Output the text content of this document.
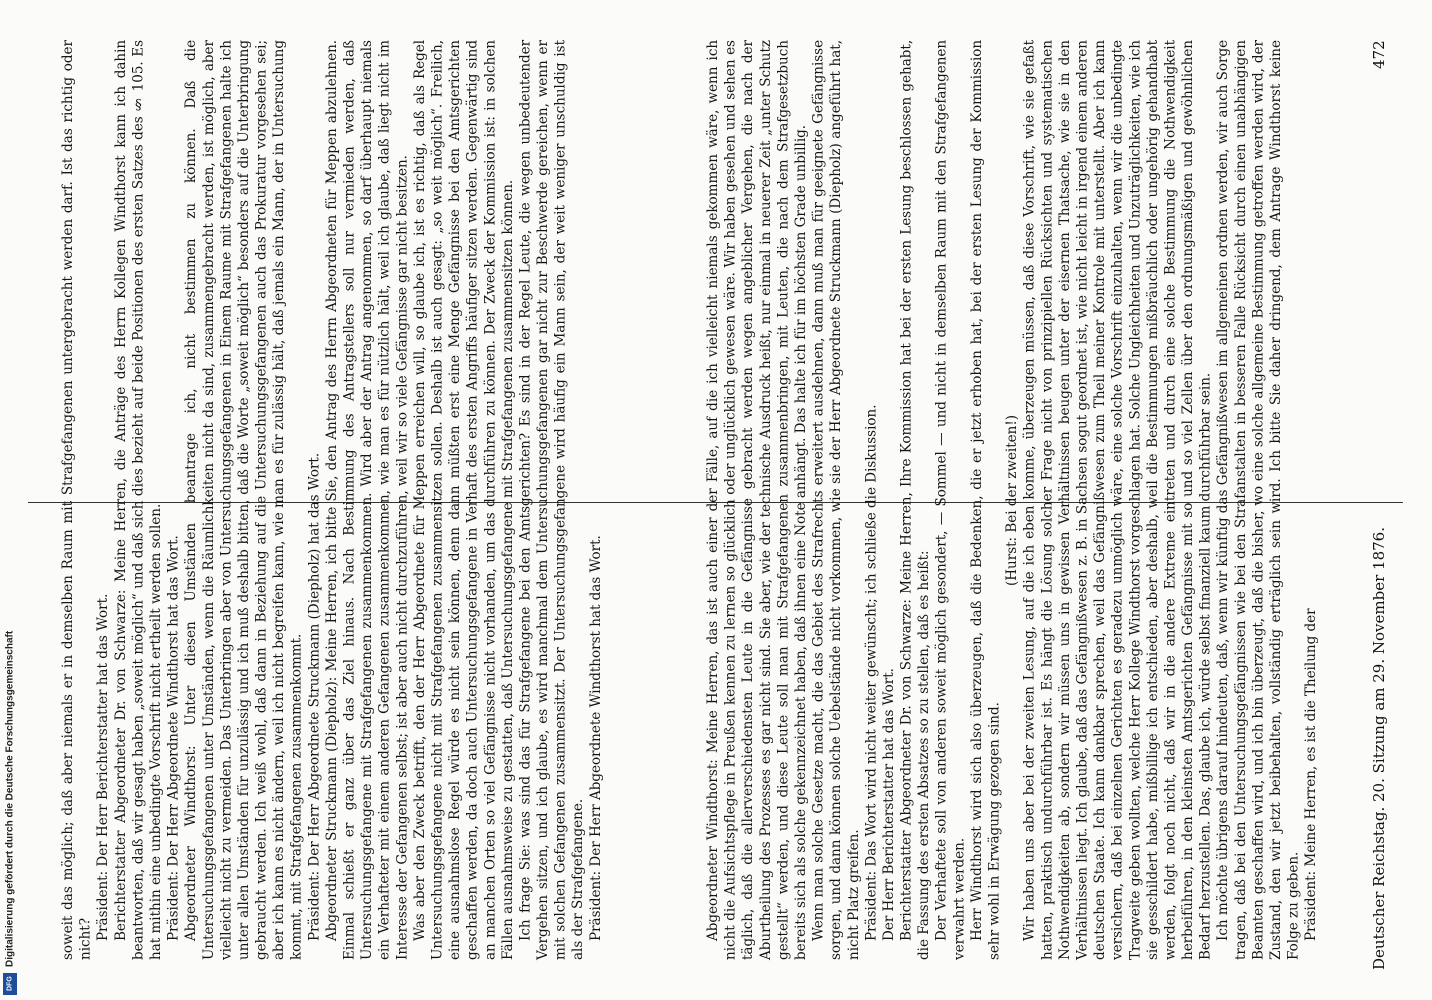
472
Deutscher Reichstag. 20. Sitzung am 29. November 1876.

Abgeordneter Windthorst: Meine Herren, das ist auch einer der Fälle, auf die ich vielleicht niemals gekommen wäre, wenn ich nicht die Aufsichtspflege in Preußen kennen zu lernen so glücklich oder unglücklich gewesen wäre. Wir haben gesehen und sehen es täglich, daß die allerverschiedensten Leute in die Gefängnisse gebracht werden wegen angeblicher Vergehen, die nach der Aburtheilung des Prozesses es gar nicht sind. Sie aber, wie der technische Ausdruck heißt, nur einmal in neuerer Zeit „unter Schutz gestellt“ werden, und diese Leute soll man mit Strafgefangenen zusammenbringen, mit Leuten, die nach dem Strafgesetzbuch bereits sich als solche gekennzeichnet haben, daß ihnen eine Note anhängt. Das halte ich für im höchsten Grade unbillig. Wenn man solche Gesetze macht, die das Gebiet des Strafrechts erweitert ausdehnen, dann muß man für geeignete Gefängnisse sorgen, und dann können solche Uebelstände nicht vorkommen, wie sie der Herr Abgeordnete Struckmann (Diepholz) angeführt hat, nicht Platz greifen. Präsident: Das Wort wird nicht weiter gewünscht; ich schließe die Diskussion. Der Herr Berichterstatter hat das Wort. Berichterstatter Abgeordneter Dr. von Schwarze: Meine Herren, Ihre Kommission hat bei der ersten Lesung beschlossen gehabt, die Fassung des ersten Absatzes so zu stellen, daß es heißt: Der Verhaftete soll von anderen soweit möglich gesondert, — Sommel — und nicht in demselben Raum mit den Strafgefangenen verwahrt werden. Herr Windthorst wird sich also überzeugen, daß die Bedenken, die er jetzt erhoben hat, bei der ersten Lesung der Kommission sehr wohl in Erwägung gezogen sind.

(Hurst: Bei der zweiten!) Wir haben uns aber bei der zweiten Lesung, auf die ich eben komme, überzeugen müssen, daß diese Vorschrift, wie sie gefaßt hatten, praktisch undurchführbar ist. Es hängt die Lösung solcher Frage nicht von prinzipiellen Rücksichten und systematischen Nothwendigkeiten ab, sondern wir müssen uns in gewissen Verhältnissen beugen unter der eisernen Thatsache, wie sie in den Verhältnissen liegt. Ich glaube, daß das Gefängnißwesen z. B. in Sachsen sogut geordnet ist, wie nicht leicht in irgend einem anderen deutschen Staate. Ich kann dankbar sprechen, weil das Gefängnißwesen zum Theil meiner Kontrole mit unterstellt. Aber ich kann versichern, daß bei einzelnen Gerichten es geradezu unmöglich wäre, eine solche Vorschrift einzuhalten, wenn wir die unbedingte Tragweite geben wollten, welche Herr Kollege Windthorst vorgeschlagen hat. Solche Ungleichheiten und Unzuträglichkeiten, wie ich sie gesschildert habe, mißbillige ich entschieden, aber deshalb, weil die Bestimmungen mißbräuchlich oder ungehörig gehandhabt werden, folgt noch nicht, daß wir in die andere Extreme eintreten und durch eine solche Bestimmung die Nothwendigkeit herbeiführen, in den kleinsten Amtsgerichten Gefängnisse mit so und so viel Zellen über den ordnungsmäßigen und gewöhnlichen Bedarf herzustellen. Das, glaube ich, würde selbst finanziell kaum durchführbar sein. Ich möchte übrigens darauf hindeuten, daß, wenn wir künftig das Gefängnißwesen im allgemeinen ordnen werden, wir auch Sorge tragen, daß bei den Untersuchungsgefängnissen wie bei den Strafanstalten in besseren Falle Rücksicht durch einen unabhängigen Beamten geschaffen wird, und ich bin überzeugt, daß die bisher, wo eine solche allgemeine Bestimmung getroffen werden wird, der Zustand, den wir jetzt beibehalten, vollständig erträglich sein wird. Ich bitte Sie daher dringend, dem Antrage Windthorst keine Folge zu geben. Präsident: Meine Herren, es ist die Theilung der

soweit das möglich; daß aber niemals er in demselben Raum mit Strafgefangenen untergebracht werden darf. Ist das richtig oder nicht? Präsident: Der Herr Berichterstatter hat das Wort. Berichterstatter Abgeordneter Dr. von Schwarze: Meine Herren, die Anträge des Herrn Kollegen Windthorst kann ich dahin beantworten, daß wir gesagt haben „soweit möglich“ und daß sich dies bezieht auf beide Positionen des ersten Satzes des § 105. Es hat mithin eine unbedingte Vorschrift nicht ertheilt werden sollen. Präsident: Der Herr Abgeordnete Windthorst hat das Wort. Abgeordneter Windthorst: Unter diesen Umständen beantrage ich, nicht bestimmen zu können. Daß die Untersuchungsgefangenen unter Umständen, wenn die Räumlichkeiten nicht da sind, zusammengebracht werden, ist möglich, aber vielleicht nicht zu vermeiden. Das Unterbringen aber von Untersuchungsgefangenen in Einem Raume mit Strafgefangenen halte ich unter allen Umständen für unzulässig und ich muß deshalb bitten, daß die Worte „soweit möglich“ besonders auf die Unterbringung gebraucht werden. Ich weiß wohl, daß dann in Beziehung auf die Untersuchungsgefangenen auch das Prokuratur vorgesehen sei; aber ich kann es nicht ändern, weil ich nicht begreifen kann, wie man es für zulässig hält, daß jemals ein Mann, der in Untersuchung kommt, mit Strafgefangenen zusammenkommt. Präsident: Der Herr Abgeordnete Struckmann (Diepholz) hat das Wort. Abgeordneter Struckmann (Diepholz): Meine Herren, ich bitte Sie, den Antrag des Herrn Abgeordneten für Meppen abzulehnen. Einmal schießt er ganz über das Ziel hinaus. Nach Bestimmung des Antragstellers soll nur vermieden werden, daß Untersuchungsgefangene mit Strafgefangenen zusammenkommen. Wird aber der Antrag angenommen, so darf überhaupt niemals ein Verhafteter mit einem anderen Gefangenen zusammenkommen, wie man es für nützlich hält, weil ich glaube, daß liegt nicht im Interesse der Gefangenen selbst; ist aber auch nicht durchzuführen, weil wir so viele Gefängnisse gar nicht besitzen. Was aber den Zweck betrifft, den der Herr Abgeordnete für Meppen erreichen will, so glaube ich, ist es richtig, daß als Regel Untersuchungsgefangene nicht mit Strafgefangenen zusammensitzen sollen. Deshalb ist auch gesagt: „so weit möglich“. Freilich, eine ausnahmslose Regel würde es nicht sein können, denn dann müßten erst eine Menge Gefängnisse bei den Amtsgerichten geschaffen werden, da doch auch Untersuchungsgefangene in Verhaft des ersten Angriffs häufiger sitzen werden. Gegenwärtig sind an manchen Orten so viel Gefängnisse nicht vorhanden, um das durchführen zu können. Der Zweck der Kommission ist: in solchen Fällen ausnahmsweise zu gestatten, daß Untersuchungsgefangene mit Strafgefangenen zusammensitzen können. Ich frage Sie: was sind das für Strafgefangene bei den Amtsgerichten? Es sind in der Regel Leute, die wegen unbedeutender Vergehen sitzen, und ich glaube, es wird manchmal dem Untersuchungsgefangenen gar nicht zur Beschwerde gereichen, wenn er mit solchen Gefangenen zusammensitzt. Der Untersuchungsgefangene wird häufig ein Mann sein, der weit weniger unschuldig ist als der Strafgefangene. Präsident: Der Herr Abgeordnete Windthorst hat das Wort.

DFG
Digitalisierung gefördert durch die Deutsche Forschungsgemeinschaft
